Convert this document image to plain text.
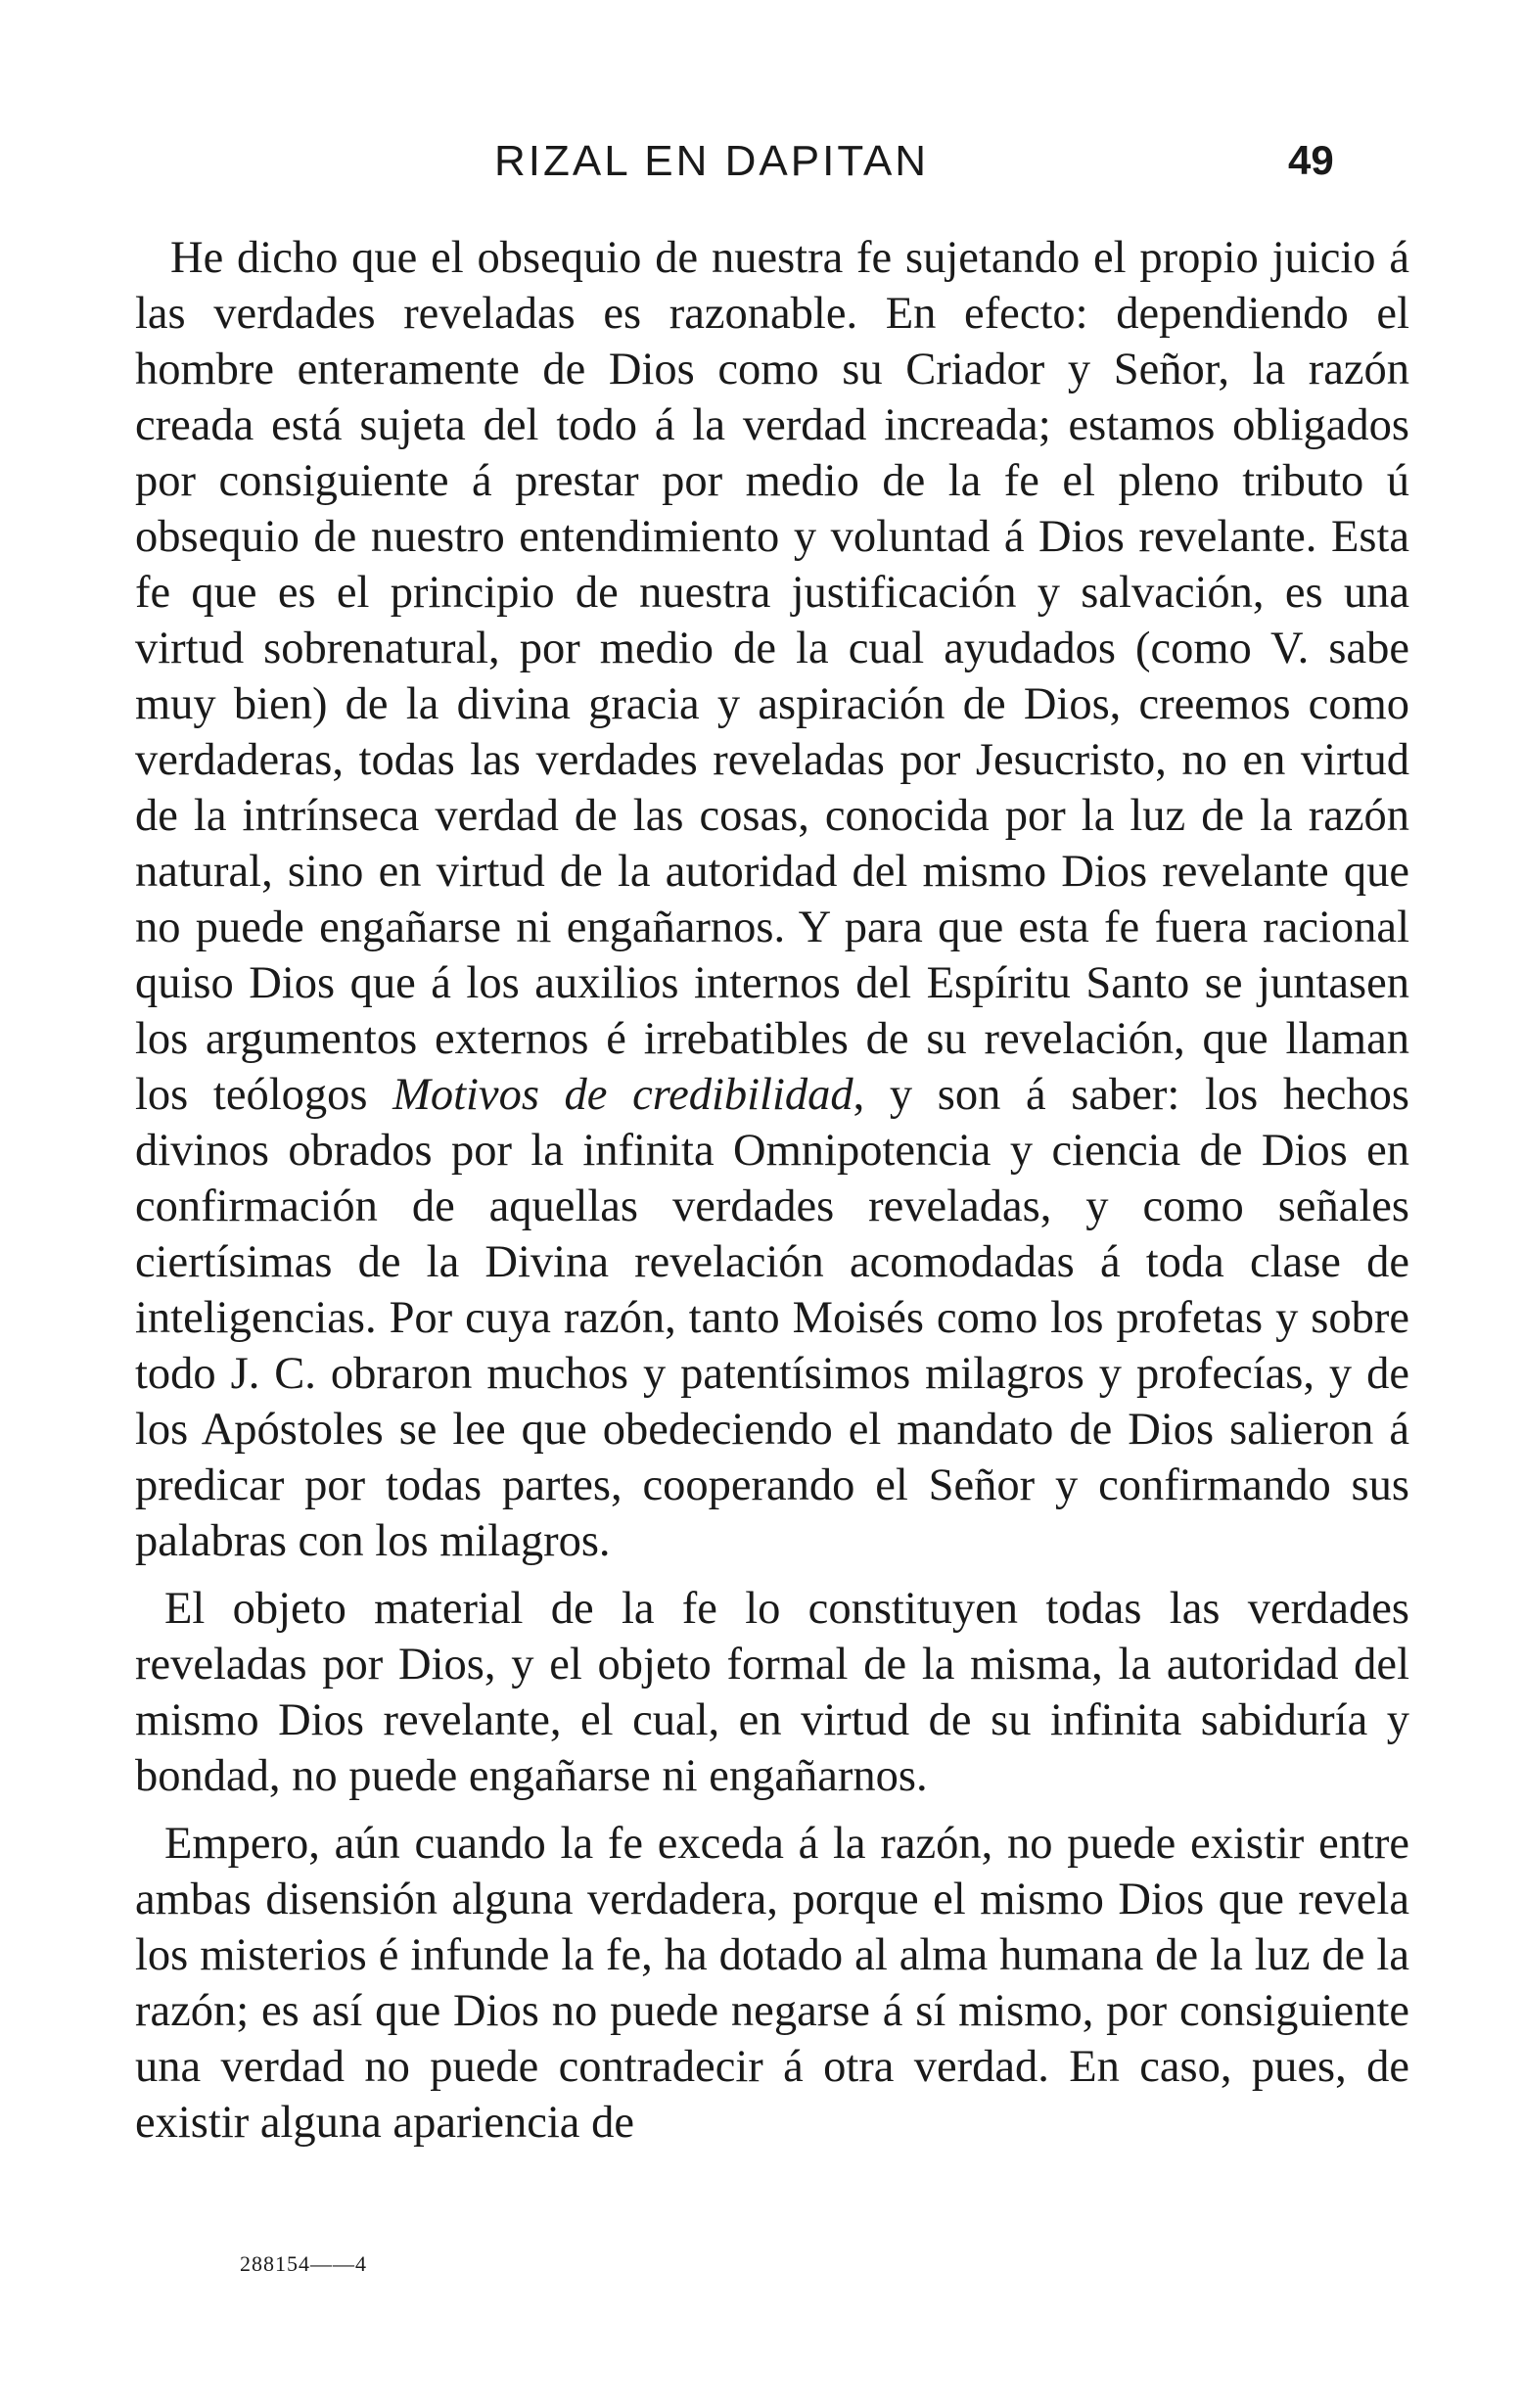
RIZAL EN DAPITAN	49

He dicho que el obsequio de nuestra fe sujetando el propio juicio á las verdades reveladas es razonable. En efecto: dependiendo el hombre enteramente de Dios como su Criador y Señor, la razón creada está sujeta del todo á la verdad increada; estamos obligados por consiguiente á prestar por medio de la fe el pleno tributo ú obsequio de nuestro entendimiento y voluntad á Dios revelante. Esta fe que es el principio de nuestra justificación y salvación, es una virtud sobrenatural, por medio de la cual ayudados (como V. sabe muy bien) de la divina gracia y aspiración de Dios, creemos como verdaderas, todas las verdades reveladas por Jesucristo, no en virtud de la intrínseca verdad de las cosas, conocida por la luz de la razón natural, sino en virtud de la autoridad del mismo Dios revelante que no puede engañarse ni engañarnos. Y para que esta fe fuera racional quiso Dios que á los auxilios internos del Espíritu Santo se juntasen los argumentos externos é irrebatibles de su revelación, que llaman los teólogos Motivos de credibilidad, y son á saber: los hechos divinos obrados por la infinita Omnipotencia y ciencia de Dios en confirmación de aquellas verdades reveladas, y como señales ciertísimas de la Divina revelación acomodadas á toda clase de inteligencias. Por cuya razón, tanto Moisés como los profetas y sobre todo J. C. obraron muchos y patentísimos milagros y profecías, y de los Apóstoles se lee que obedeciendo el mandato de Dios salieron á predicar por todas partes, cooperando el Señor y confirmando sus palabras con los milagros.

El objeto material de la fe lo constituyen todas las verdades reveladas por Dios, y el objeto formal de la misma, la autoridad del mismo Dios revelante, el cual, en virtud de su infinita sabiduría y bondad, no puede engañarse ni engañarnos.

Empero, aún cuando la fe exceda á la razón, no puede existir entre ambas disensión alguna verdadera, porque el mismo Dios que revela los misterios é infunde la fe, ha dotado al alma humana de la luz de la razón; es así que Dios no puede negarse á sí mismo, por consiguiente una verdad no puede contradecir á otra verdad. En caso, pues, de existir alguna apariencia de

288154——4
